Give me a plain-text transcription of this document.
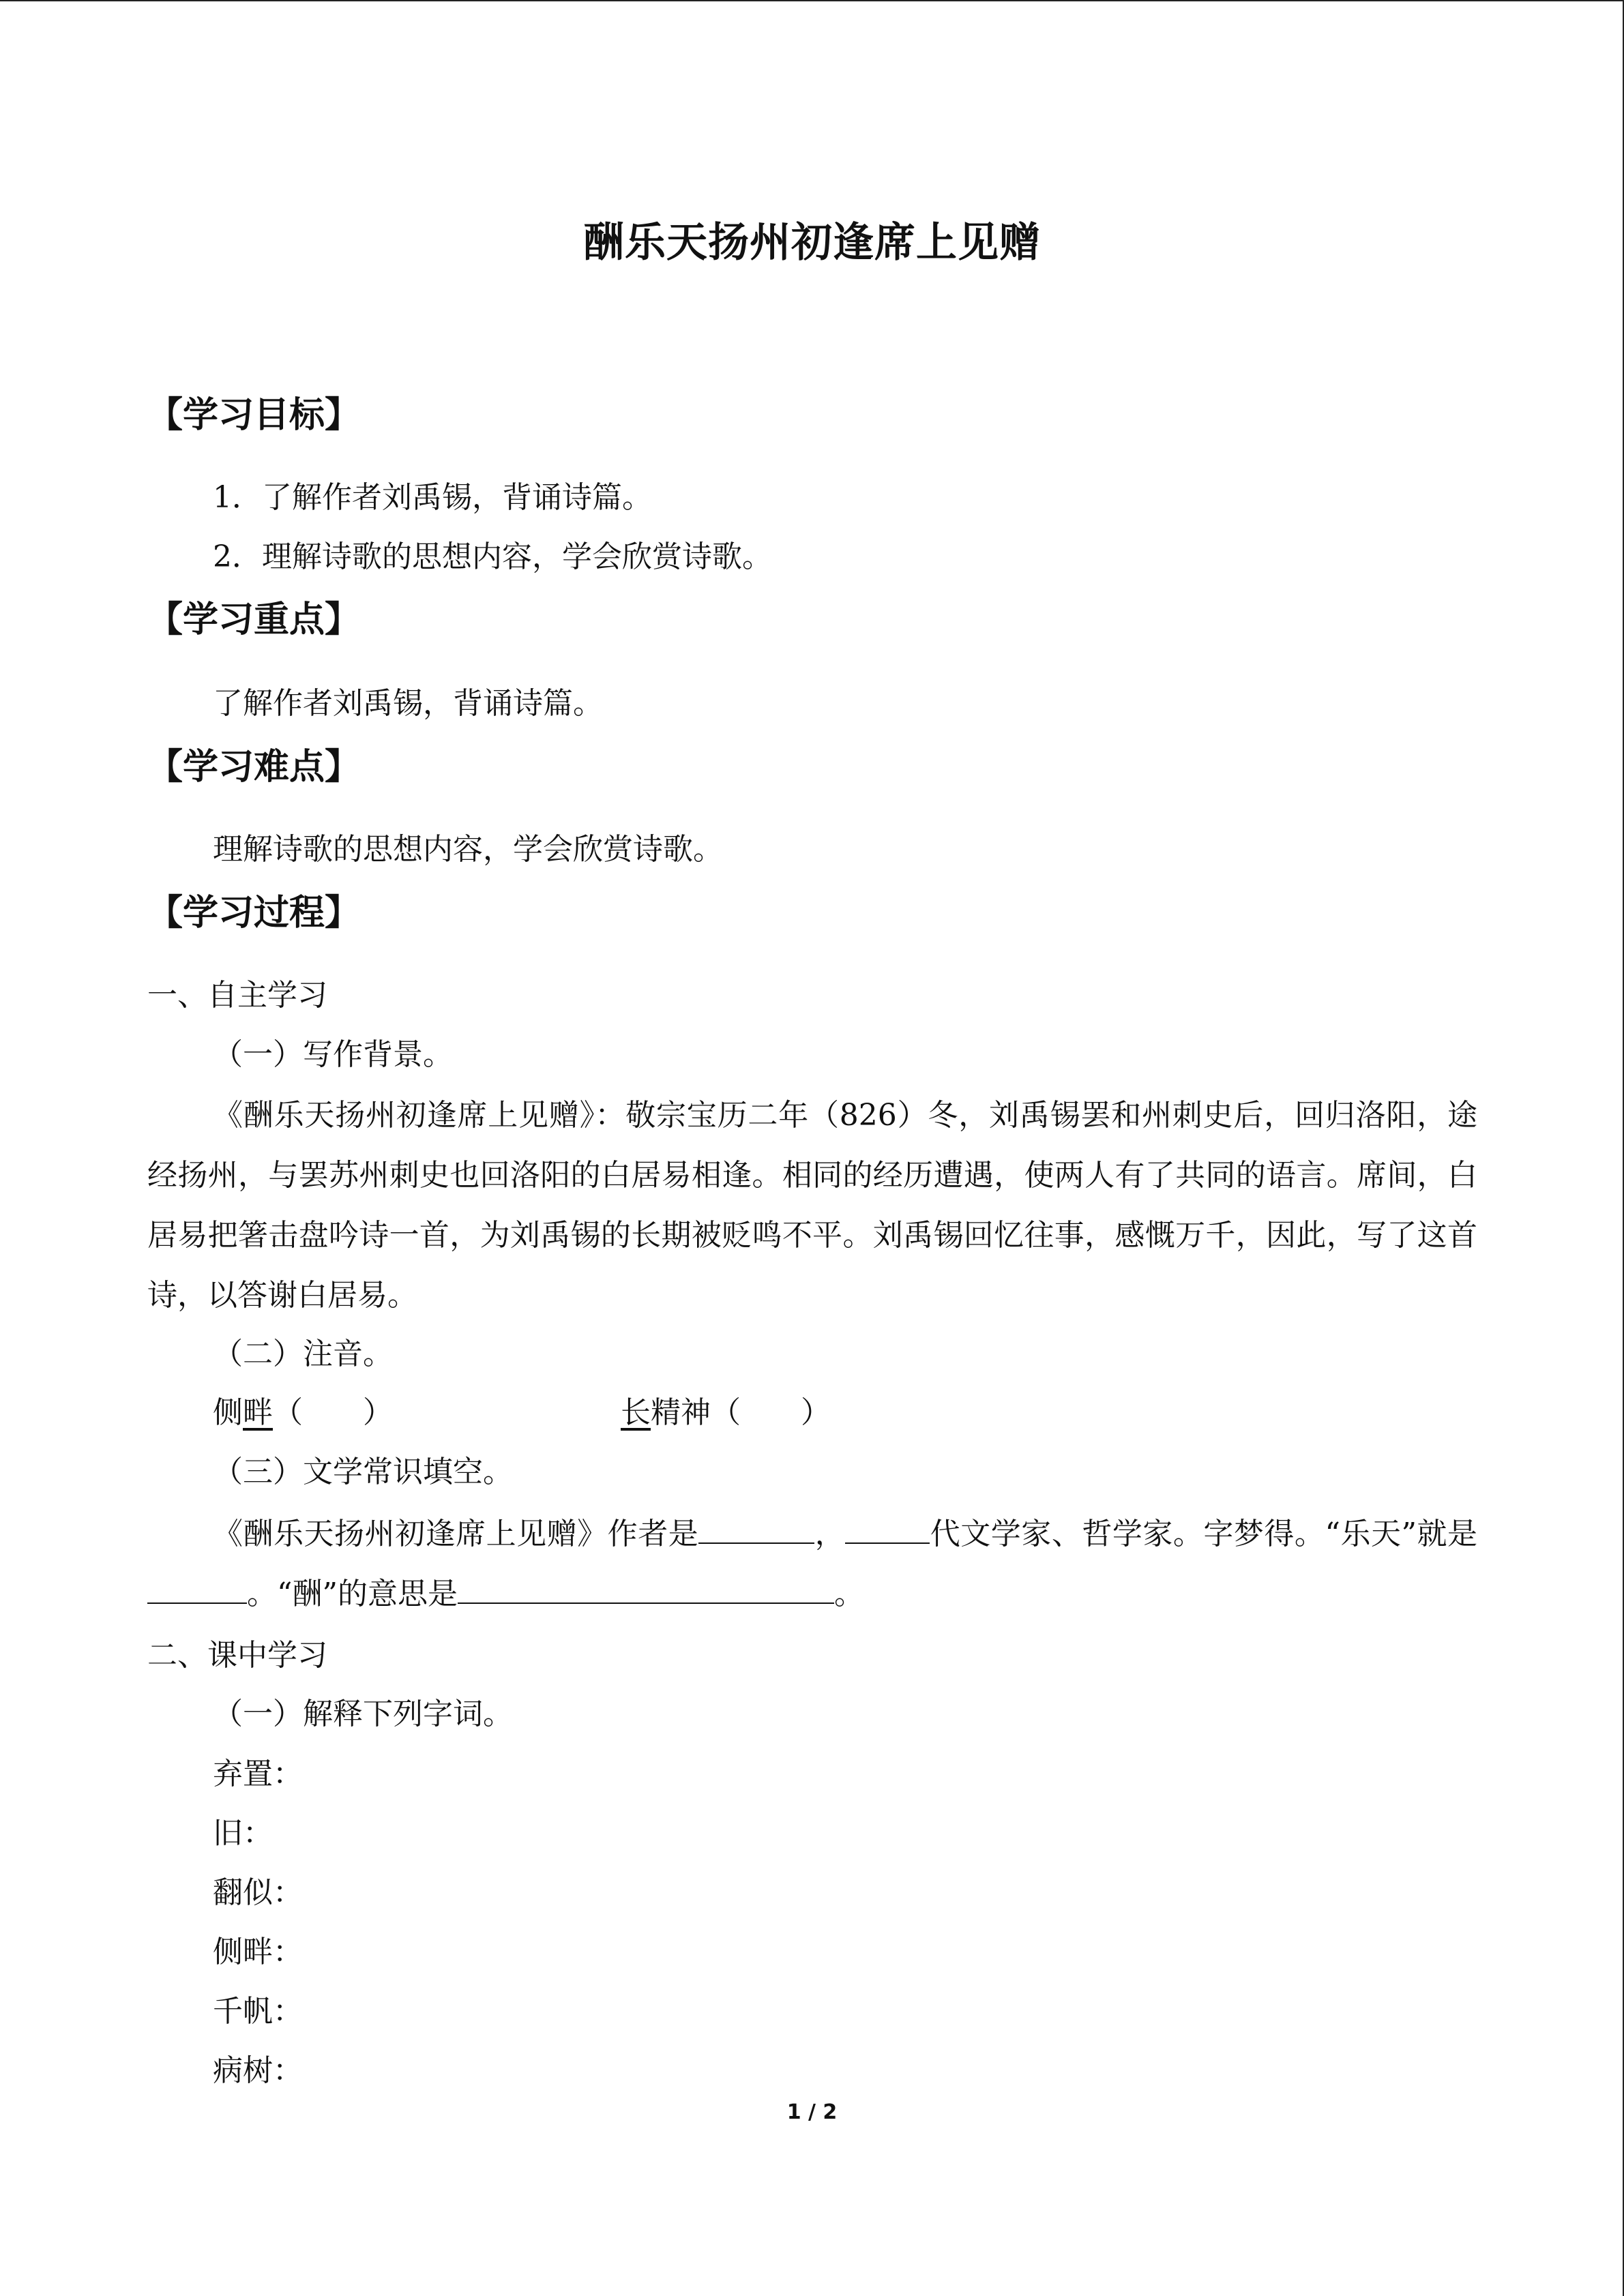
酬乐天扬州初逢席上见赠
【学习目标】
1．了解作者刘禹锡，背诵诗篇。
2．理解诗歌的思想内容，学会欣赏诗歌。
【学习重点】
了解作者刘禹锡，背诵诗篇。
【学习难点】
理解诗歌的思想内容，学会欣赏诗歌。
【学习过程】
一、自主学习
（一）写作背景。
《酬乐天扬州初逢席上见赠》：敬宗宝历二年（826）冬，刘禹锡罢和州刺史后，回归洛阳，途经扬州，与罢苏州刺史也回洛阳的白居易相逢。相同的经历遭遇，使两人有了共同的语言。席间，白居易把箸击盘吟诗一首，为刘禹锡的长期被贬鸣不平。刘禹锡回忆往事，感慨万千，因此，写了这首诗，以答谢白居易。
（二）注音。
侧畔（　　）	长精神（　　）
（三）文学常识填空。
《酬乐天扬州初逢席上见赠》作者是	，	代文学家、哲学家。字梦得。“乐天”就是。“酬”的意思是	。
二、课中学习
（一）解释下列字词。
弃置：
旧：
翻似：
侧畔：
千帆：
病树：
1 / 2
